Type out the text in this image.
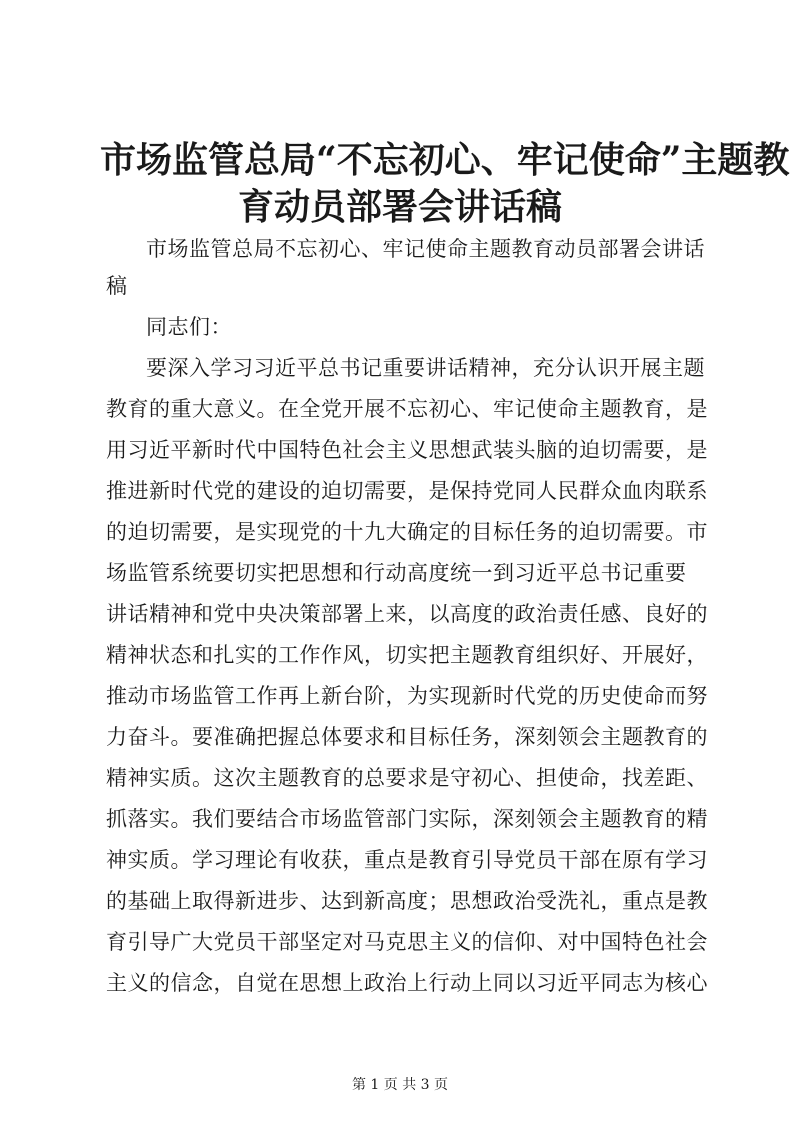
市场监管总局“不忘初心、牢记使命”主题教
育动员部署会讲话稿
市场监管总局不忘初心、牢记使命主题教育动员部署会讲话
稿
同志们：
要深入学习习近平总书记重要讲话精神，充分认识开展主题
教育的重大意义。在全党开展不忘初心、牢记使命主题教育，是
用习近平新时代中国特色社会主义思想武装头脑的迫切需要，是
推进新时代党的建设的迫切需要，是保持党同人民群众血肉联系
的迫切需要，是实现党的十九大确定的目标任务的迫切需要。市
场监管系统要切实把思想和行动高度统一到习近平总书记重要
讲话精神和党中央决策部署上来，以高度的政治责任感、良好的
精神状态和扎实的工作作风，切实把主题教育组织好、开展好，
推动市场监管工作再上新台阶，为实现新时代党的历史使命而努
力奋斗。要准确把握总体要求和目标任务，深刻领会主题教育的
精神实质。这次主题教育的总要求是守初心、担使命，找差距、
抓落实。我们要结合市场监管部门实际，深刻领会主题教育的精
神实质。学习理论有收获，重点是教育引导党员干部在原有学习
的基础上取得新进步、达到新高度；思想政治受洗礼，重点是教
育引导广大党员干部坚定对马克思主义的信仰、对中国特色社会
主义的信念，自觉在思想上政治上行动上同以习近平同志为核心
第 1 页 共 3 页
